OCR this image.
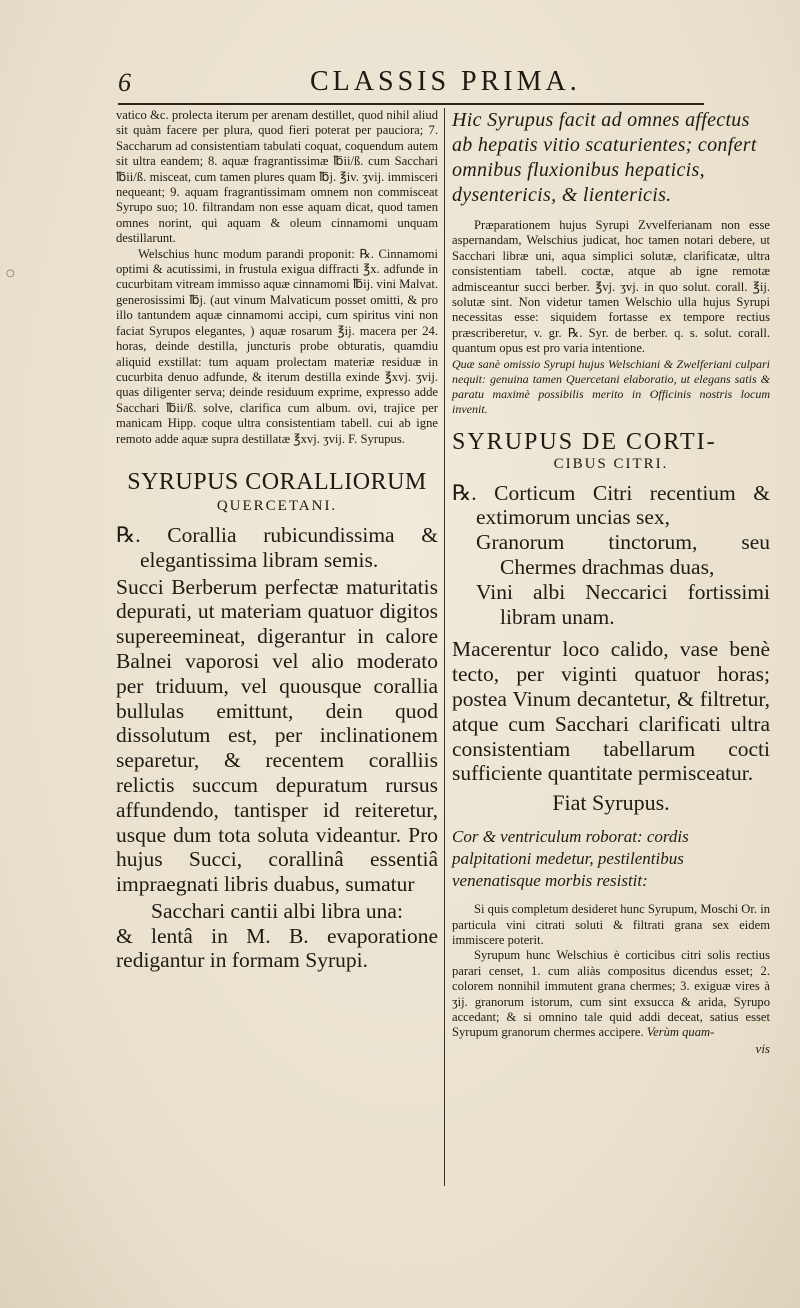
6	CLASSIS PRIMA.
○

vatico &c. prolecta iterum per arenam destillet, quod nihil aliud sit quàm facere per plura, quod fieri poterat per pauciora; 7. Saccharum ad consistentiam tabulati coquat, coquendum autem sit ultra eandem; 8. aquæ fragrantissimæ ℔ii/ß. cum Sacchari ℔ii/ß. misceat, cum tamen plures quam ℔j. ℥iv. ʒvij. immisceri nequeant; 9. aquam fragrantissimam omnem non commisceat Syrupo suo; 10. filtrandam non esse aquam dicat, quod tamen omnes norint, qui aquam & oleum cinnamomi unquam destillarunt.

Welschius hunc modum parandi proponit: ℞. Cinnamomi optimi & acutissimi, in frustula exigua diffracti ℥x. adfunde in cucurbitam vitream immisso aquæ cinnamomi ℔ij. vini Malvat. generosissimi ℔j. (aut vinum Malvaticum posset omitti, & pro illo tantundem aquæ cinnamomi accipi, cum spiritus vini non faciat Syrupos elegantes, ) aquæ rosarum ℥ij. macera per 24. horas, deinde destilla, juncturis probe obturatis, quamdiu aliquid exstillat: tum aquam prolectam materiæ residuæ in cucurbita denuo adfunde, & iterum destilla exinde ℥xvj. ʒvij. quas diligenter serva; deinde residuum exprime, expresso adde Sacchari ℔ii/ß. solve, clarifica cum album. ovi, trajice per manicam Hipp. coque ultra consistentiam tabell. cui ab igne remoto adde aquæ supra destillatæ ℥xvj. ʒvij. F. Syrupus.

SYRUPUS CORALLIORUM
QUERCETANI.

℞. Corallia rubicundissima & elegantissima libram semis.

Succi Berberum perfectæ maturitatis depurati, ut materiam quatuor digitos supereemineat, digerantur in calore Balnei vaporosi vel alio moderato per triduum, vel quousque corallia bullulas emittunt, dein quod dissolutum est, per inclinationem separetur, & recentem coralliis relictis succum depuratum rursus affundendo, tantisper id reiteretur, usque dum tota soluta videantur. Pro hujus Succi, corallinâ essentiâ impraegnati libris duabus, sumatur

Sacchari cantii albi libra una:

& lentâ in M. B. evaporatione redigantur in formam Syrupi.

Hic Syrupus facit ad omnes affectus ab hepatis vitio scaturientes; confert omnibus fluxionibus hepaticis, dysentericis, & lientericis.

Præparationem hujus Syrupi Zvvelferianam non esse aspernandam, Welschius judicat, hoc tamen notari debere, ut Sacchari libræ uni, aqua simplici solutæ, clarificatæ, ultra consistentiam tabell. coctæ, atque ab igne remotæ admisceantur succi berber. ℥vj. ʒvj. in quo solut. corall. ℥ij. solutæ sint. Non videtur tamen Welschio ulla hujus Syrupi necessitas esse: siquidem fortasse ex tempore rectius præscriberetur, v. gr. ℞. Syr. de berber. q. s. solut. corall. quantum opus est pro varia intentione.

Quæ sanè omissio Syrupi hujus Welschiani & Zwelferiani culpari nequit: genuina tamen Quercetani elaboratio, ut elegans satis & paratu maximè possibilis merito in Officinis nostris locum invenit.

SYRUPUS DE CORTI-
CIBUS CITRI.

℞. Corticum Citri recentium & extimorum uncias sex,

Granorum tinctorum, seu Chermes drachmas duas,

Vini albi Neccarici fortissimi libram unam.

Macerentur loco calido, vase benè tecto, per viginti quatuor horas; postea Vinum decantetur, & filtretur, atque cum Sacchari clarificati ultra consistentiam tabellarum cocti sufficiente quantitate permisceatur.

Fiat Syrupus.

Cor & ventriculum roborat: cordis palpitationi medetur, pestilentibus venenatisque morbis resistit:

Si quis completum desideret hunc Syrupum, Moschi Or. in particula vini citrati soluti & filtrati grana sex eidem immiscere poterit.

Syrupum hunc Welschius è corticibus citri solis rectius parari censet, 1. cum aliàs compositus dicendus esset; 2. colorem nonnihil immutent grana chermes; 3. exiguæ vires à ʒij. granorum istorum, cum sint exsucca & arida, Syrupo accedant; & si omnino tale quid addi deceat, satius esset Syrupum granorum chermes accipere. Verùm quam-

vis
